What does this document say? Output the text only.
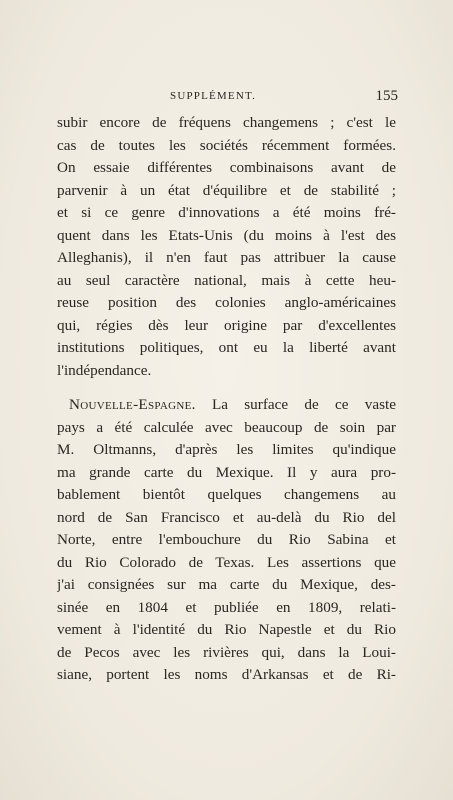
SUPPLÉMENT.	155
subir encore de fréquens changemens ; c'est le
cas de toutes les sociétés récemment formées.
On essaie différentes combinaisons avant de
parvenir à un état d'équilibre et de stabilité ;
et si ce genre d'innovations a été moins fré-
quent dans les Etats-Unis (du moins à l'est des
Alleghanis), il n'en faut pas attribuer la cause
au seul caractère national, mais à cette heu-
reuse position des colonies anglo-américaines
qui, régies dès leur origine par d'excellentes
institutions politiques, ont eu la liberté avant
l'indépendance.
Nouvelle-Espagne. La surface de ce vaste
pays a été calculée avec beaucoup de soin par
M. Oltmanns, d'après les limites qu'indique
ma grande carte du Mexique. Il y aura pro-
bablement bientôt quelques changemens au
nord de San Francisco et au-delà du Rio del
Norte, entre l'embouchure du Rio Sabina et
du Rio Colorado de Texas. Les assertions que
j'ai consignées sur ma carte du Mexique, des-
sinée en 1804 et publiée en 1809, relati-
vement à l'identité du Rio Napestle et du Rio
de Pecos avec les rivières qui, dans la Loui-
siane, portent les noms d'Arkansas et de Ri-
